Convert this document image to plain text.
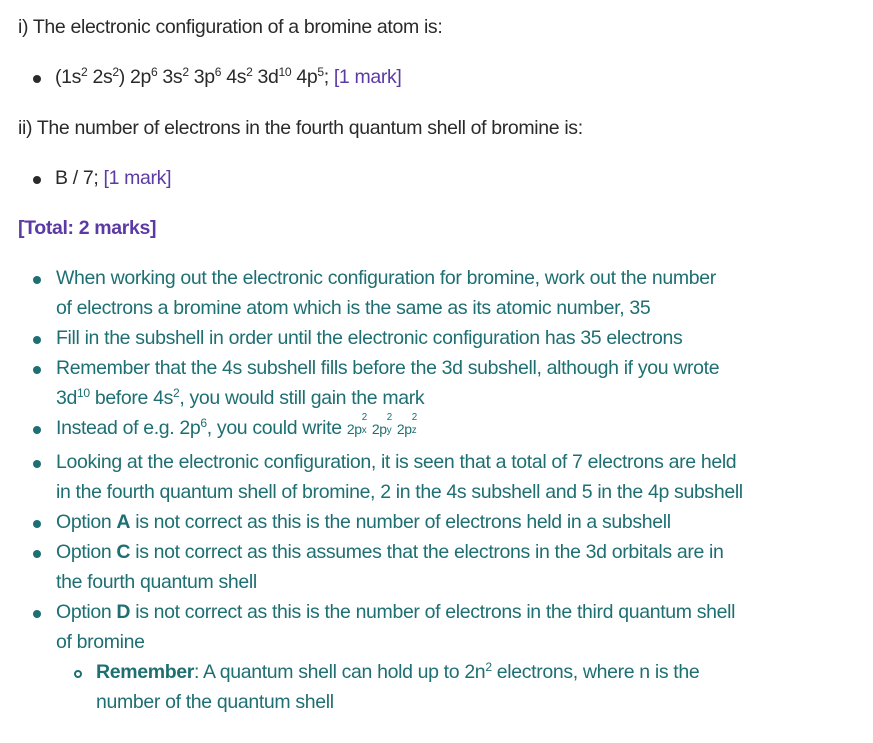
i) The electronic configuration of a bromine atom is:
($1s^2$ $2s^2$) $2p^6$ $3s^2$ $3p^6$ $4s^2$ $3d^{10}$ $4p^5$; [1 mark]
ii) The number of electrons in the fourth quantum shell of bromine is:
B / 7; [1 mark]
[Total: 2 marks]
When working out the electronic configuration for bromine, work out the number
of electrons a bromine atom which is the same as its atomic number, 35
Fill in the subshell in order until the electronic configuration has 35 electrons
Remember that the 4s subshell fills before the 3d subshell, although if you wrote
$3d^{10}$ before $4s^2$, you would still gain the mark
Instead of e.g. $2p^6$, you could write 2p
2
x 2p
2
y 2p
2
z
Looking at the electronic configuration, it is seen that a total of 7 electrons are held
in the fourth quantum shell of bromine, 2 in the 4s subshell and 5 in the 4p subshell
Option A is not correct as this is the number of electrons held in a subshell
Option C is not correct as this assumes that the electrons in the 3d orbitals are in
the fourth quantum shell
Option D is not correct as this is the number of electrons in the third quantum shell
of bromine
Remember: A quantum shell can hold up to $2n^2$ electrons, where n is the
number of the quantum shell
